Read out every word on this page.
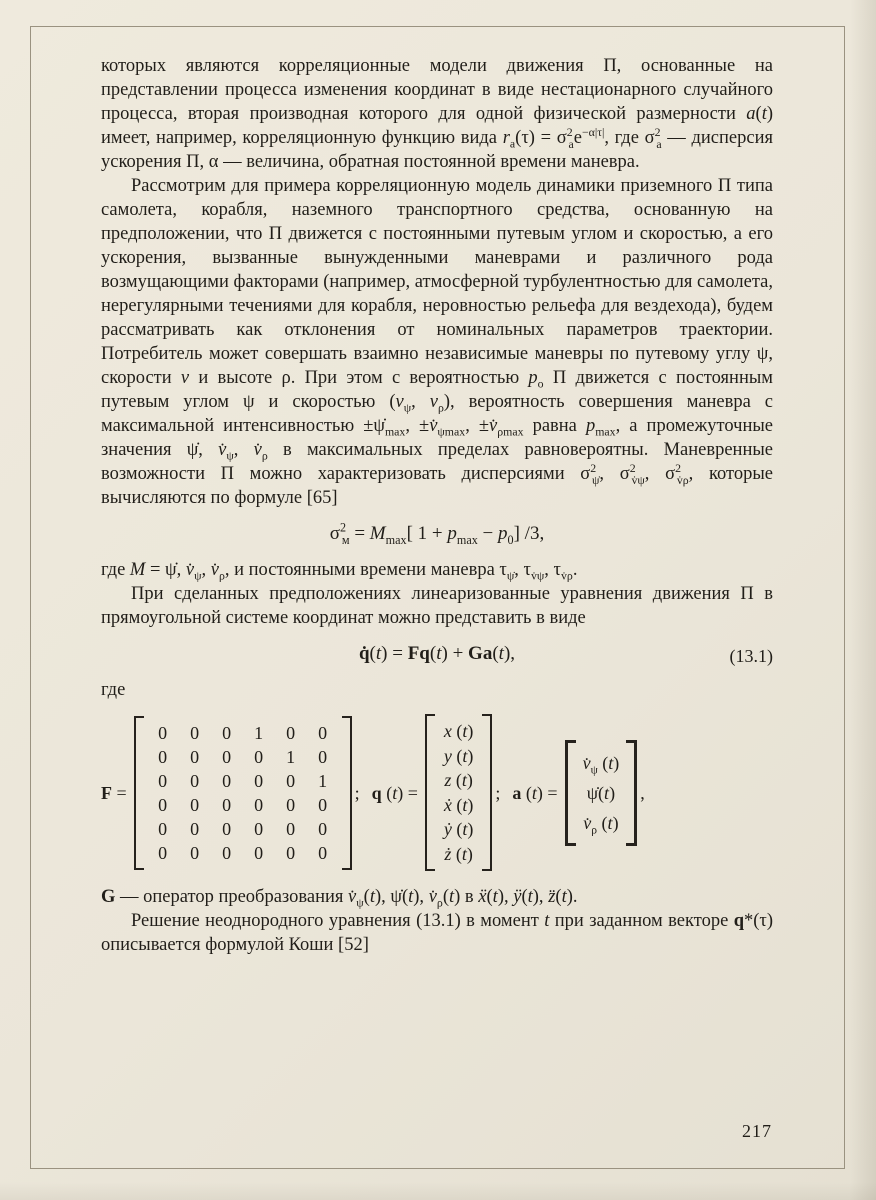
которых являются корреляционные модели движения П, основанные на представлении процесса изменения координат в виде нестационарного случайного процесса, вторая производная которого для одной физической размерности a(t) имеет, например, корреляционную функцию вида $r_а(\tau) = \sigma^2_аe^{-\alpha|\tau|}$, где $\sigma^2_а$ — дисперсия ускорения П, α — величина, обратная постоянной времени маневра.

Рассмотрим для примера корреляционную модель динамики приземного П типа самолета, корабля, наземного транспортного средства, основанную на предположении, что П движется с постоянными путевым углом и скоростью, а его ускорения, вызванные вынужденными маневрами и различного рода возмущающими факторами (например, атмосферной турбулентностью для самолета, нерегулярными течениями для корабля, неровностью рельефа для вездехода), будем рассматривать как отклонения от номинальных параметров траектории. Потребитель может совершать взаимно независимые маневры по путевому углу ψ, скорости v и высоте ρ. При этом с вероятностью $p_о$ П движется с постоянным путевым углом ψ и скоростью ($v_\psi$, $v_\rho$), вероятность совершения маневра с максимальной интенсивностью $\pm\psi̇_{max}$, $\pm v̇_{\psi max}$, $\pm v̇_{\rho max}$ равна $p_{max}$, а промежуточные значения ψ̇, $v̇_\psi$, $v̇_\rho$ в максимальных пределах равновероятны. Маневренные возможности П можно характеризовать дисперсиями $\sigma^2_{\psi̇}$, $\sigma^2_{v̇\psi}$, $\sigma^2_{v̇\rho}$, которые вычисляются по формуле [65]

$\sigma^2_м = M_{max}$[ $1 + p_{max} - p_0$] /3,

где M = ψ̇, $v̇_\psi$, $v̇_\rho$, и постоянными времени маневра $\tau_{\psi̇}$, $\tau_{v̇\psi}$, $\tau_{v̇\rho}$.

При сделанных предположениях линеаризованные уравнения движения П в прямоугольной системе координат можно представить в виде

q̇(t) = Fq(t) + Ga(t),	(13.1)

где

F =
0	0	0	1	0	0
0	0	0	0	1	0
0	0	0	0	0	1
0	0	0	0	0	0
0	0	0	0	0	0
0	0	0	0	0	0
; q (t) =
x (t)
y (t)
z (t)
ẋ (t)
ẏ (t)
ż (t)
; a (t) =
$v̇_\psi$ (t)
ψ̇(t)
$v̇_\rho$ (t)
,

G — оператор преобразования $v̇_\psi(t)$, ψ̇(t), $v̇_\rho(t)$ в ẍ(t), ÿ(t), z̈(t).

Решение неоднородного уравнения (13.1) в момент t при заданном векторе q*(τ) описывается формулой Коши [52]

217
